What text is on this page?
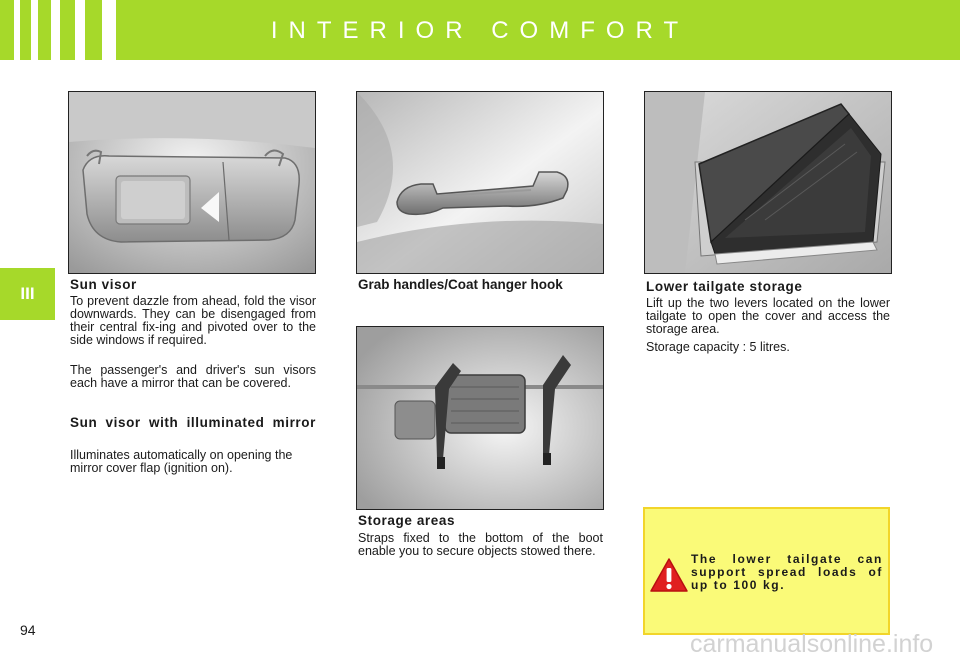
INTERIOR COMFORT
III	Sun visor

To prevent dazzle from ahead, fold the visor downwards. They can be disengaged from their central fix-ing and pivoted over to the side windows if required.

The passenger's and driver's sun visors each have a mirror that can be covered.

Sun visor with illuminated mirror

Illuminates automatically on opening the mirror cover flap (ignition on).

Grab handles/Coat hanger hook
Storage areas

Straps fixed to the bottom of the boot enable you to secure objects stowed there.

Lower tailgate storage

Lift up the two levers located on the lower tailgate to open the cover and access the storage area.

Storage capacity : 5 litres.

The lower tailgate can support spread loads of up to 100 kg.
94	carmanualsonline.info
